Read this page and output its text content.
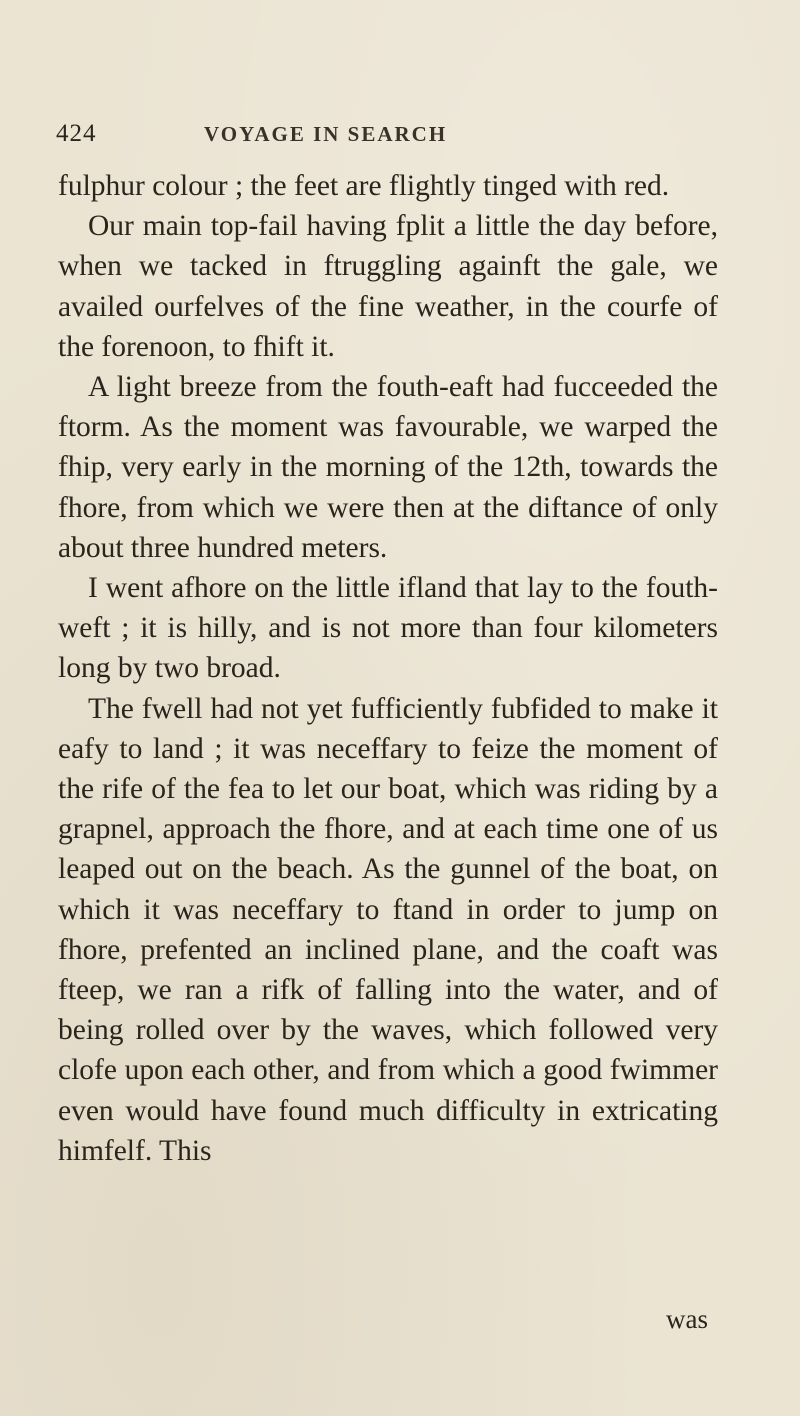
424	VOYAGE IN SEARCH

fulphur colour ; the feet are flightly tinged with red.

Our main top-fail having fplit a little the day before, when we tacked in ftruggling againft the gale, we availed ourfelves of the fine weather, in the courfe of the forenoon, to fhift it.

A light breeze from the fouth-eaft had fucceeded the ftorm. As the moment was favourable, we warped the fhip, very early in the morning of the 12th, towards the fhore, from which we were then at the diftance of only about three hundred meters.

I went afhore on the little ifland that lay to the fouth-weft ; it is hilly, and is not more than four kilometers long by two broad.

The fwell had not yet fufficiently fubfided to make it eafy to land ; it was neceffary to feize the moment of the rife of the fea to let our boat, which was riding by a grapnel, approach the fhore, and at each time one of us leaped out on the beach. As the gunnel of the boat, on which it was neceffary to ftand in order to jump on fhore, prefented an inclined plane, and the coaft was fteep, we ran a rifk of falling into the water, and of being rolled over by the waves, which followed very clofe upon each other, and from which a good fwimmer even would have found much difficulty in extricating himfelf. This

was
